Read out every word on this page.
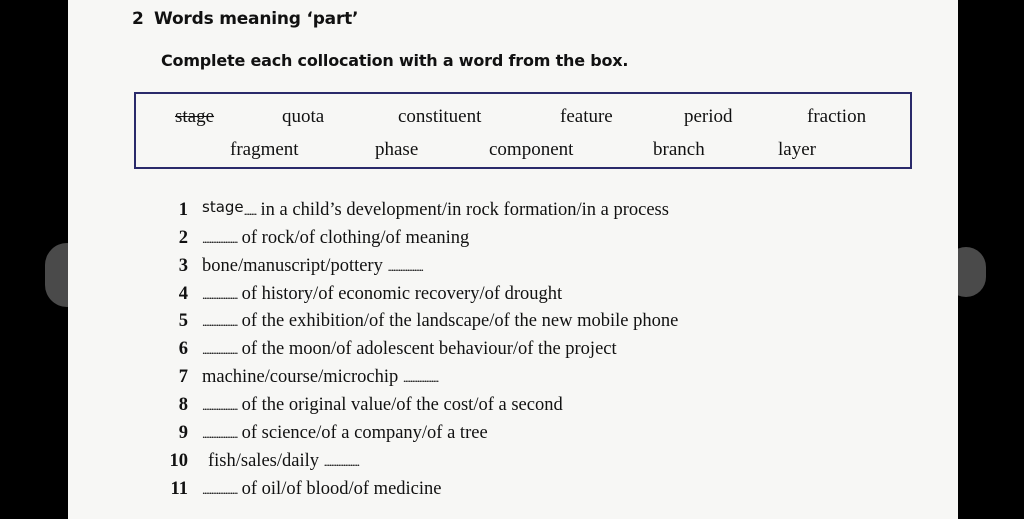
2 Words meaning ‘part’
Complete each collocation with a word from the box.
stage	quota	constituent	feature	period	fraction
fragment	phase	component	branch	layer
1 stage....... in a child’s development/in rock formation/in a process
2 .................... of rock/of clothing/of meaning
3 bone/manuscript/pottery ....................
4 .................... of history/of economic recovery/of drought
5 .................... of the exhibition/of the landscape/of the new mobile phone
6 .................... of the moon/of adolescent behaviour/of the project
7 machine/course/microchip ....................
8 .................... of the original value/of the cost/of a second
9 .................... of science/of a company/of a tree
10 fish/sales/daily ....................
11 .................... of oil/of blood/of medicine
